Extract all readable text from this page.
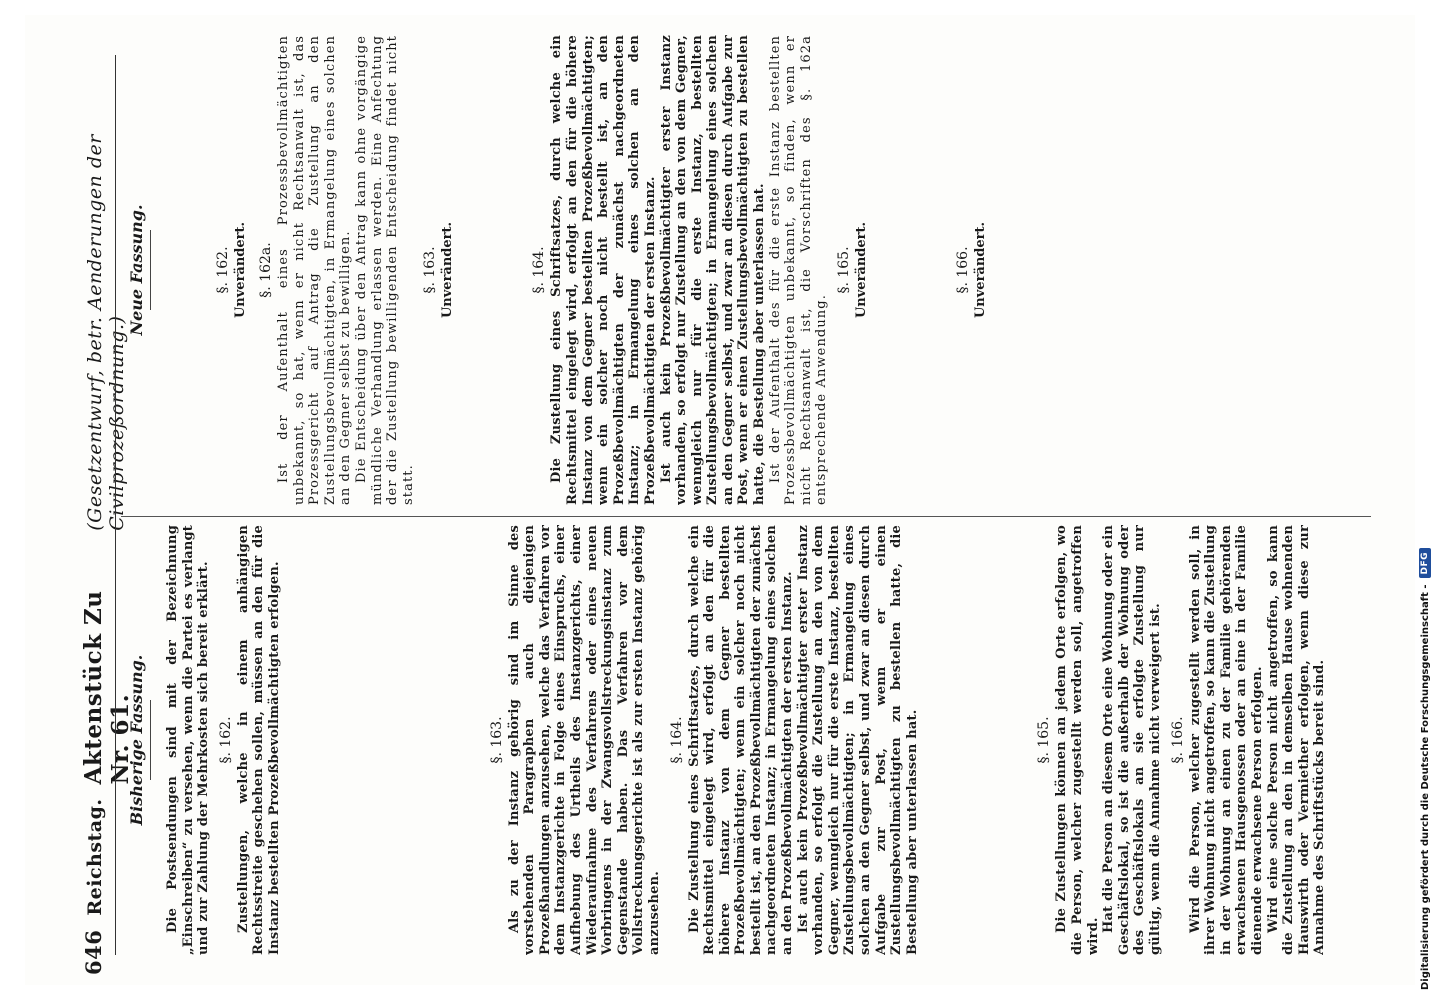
646
Reichstag.
Aktenstück Zu Nr. 61.
(Gesetzentwurf, betr. Aenderungen der Civilprozeßordnung.)
Bisherige Fassung. Die Postsendungen sind mit der Bezeichnung „Einschreiben“ zu versehen, wenn die Partei es verlangt und zur Zahlung der Mehrkosten sich bereit erklärt. §. 162. Zustellungen, welche in einem anhängigen Rechtsstreite geschehen sollen, müssen an den für die Instanz bestellten Prozeßbevollmächtigten erfolgen.	§. 163. Als zu der Instanz gehörig sind im Sinne des vorstehenden Paragraphen auch diejenigen Prozeßhandlungen anzusehen, welche das Verfahren vor dem Instanzgerichte in Folge eines Einspruchs, einer Aufhebung des Urtheils des Instanzgerichts, einer Wiederaufnahme des Verfahrens oder eines neuen Vorbringens in der Zwangsvollstreckungsinstanz zum Gegenstande haben. Das Verfahren vor dem Vollstreckungsgerichte ist als zur ersten Instanz gehörig anzusehen.

§. 164. Die Zustellung eines Schriftsatzes, durch welche ein Rechtsmittel eingelegt wird, erfolgt an den für die höhere Instanz von dem Gegner bestellten Prozeßbevollmächtigten; wenn ein solcher noch nicht bestellt ist, an den Prozeßbevollmächtigten der zunächst nachgeordneten Instanz; in Ermangelung eines solchen an den Prozeßbevollmächtigten der ersten Instanz. Ist auch kein Prozeßbevollmächtigter erster Instanz vorhanden, so erfolgt die Zustellung an den von dem Gegner, wenngleich nur für die erste Instanz, bestellten Zustellungsbevollmächtigten; in Ermangelung eines solchen an den Gegner selbst, und zwar an diesen durch Aufgabe zur Post, wenn er einen Zustellungsbevollmächtigten zu bestellen hatte, die Bestellung aber unterlassen hat.	§. 165. Die Zustellungen können an jedem Orte erfolgen, wo die Person, welcher zugestellt werden soll, angetroffen wird.

Hat die Person an diesem Orte eine Wohnung oder ein Geschäftslokal, so ist die außerhalb der Wohnung oder des Geschäftslokals an sie erfolgte Zustellung nur gültig, wenn die Annahme nicht verweigert ist. §. 166. Wird die Person, welcher zugestellt werden soll, in ihrer Wohnung nicht angetroffen, so kann die Zustellung in der Wohnung an einen zu der Familie gehörenden erwachsenen Hausgenossen oder an eine in der Familie dienende erwachsene Person erfolgen. Wird eine solche Person nicht angetroffen, so kann die Zustellung an den in demselben Hause wohnenden Hauswirth oder Vermiether erfolgen, wenn diese zur Annahme des Schriftstücks bereit sind.

Neue Fassung.	§. 162. Unverändert. §. 162a. Ist der Aufenthalt eines Prozessbevollmächtigten unbekannt, so hat, wenn er nicht Rechtsanwalt ist, das Prozessgericht auf Antrag die Zustellung an den Zustellungsbevollmächtigten, in Ermangelung eines solchen an den Gegner selbst zu bewilligen. Die Entscheidung über den Antrag kann ohne vorgängige mündliche Verhandlung erlassen werden. Eine Anfechtung der die Zustellung bewilligenden Entscheidung findet nicht statt.

§. 163. Unverändert.	§. 164. Die Zustellung eines Schriftsatzes, durch welche ein Rechtsmittel eingelegt wird, erfolgt an den für die höhere Instanz von dem Gegner bestellten Prozeßbevollmächtigten; wenn ein solcher noch nicht bestellt ist, an den Prozeßbevollmächtigten der zunächst nachgeordneten Instanz; in Ermangelung eines solchen an den Prozeßbevollmächtigten der ersten Instanz. Ist auch kein Prozeßbevollmächtigter erster Instanz vorhanden, so erfolgt nur Zustellung an den von dem Gegner, wenngleich nur für die erste Instanz, bestellten Zustellungsbevollmächtigten; in Ermangelung eines solchen an den Gegner selbst, und zwar an diesen durch Aufgabe zur Post, wenn er einen Zustellungsbevollmächtigten zu bestellen hatte, die Bestellung aber unterlassen hat. Ist der Aufenthalt des für die erste Instanz bestellten Prozessbevollmächtigten unbekannt, so finden, wenn er nicht Rechtsanwalt ist, die Vorschriften des §. 162a entsprechende Anwendung.

§. 165. Unverändert.	§. 166. Unverändert.
Digitalisierung gefördert durch die Deutsche Forschungsgemeinschaft -
DFG
